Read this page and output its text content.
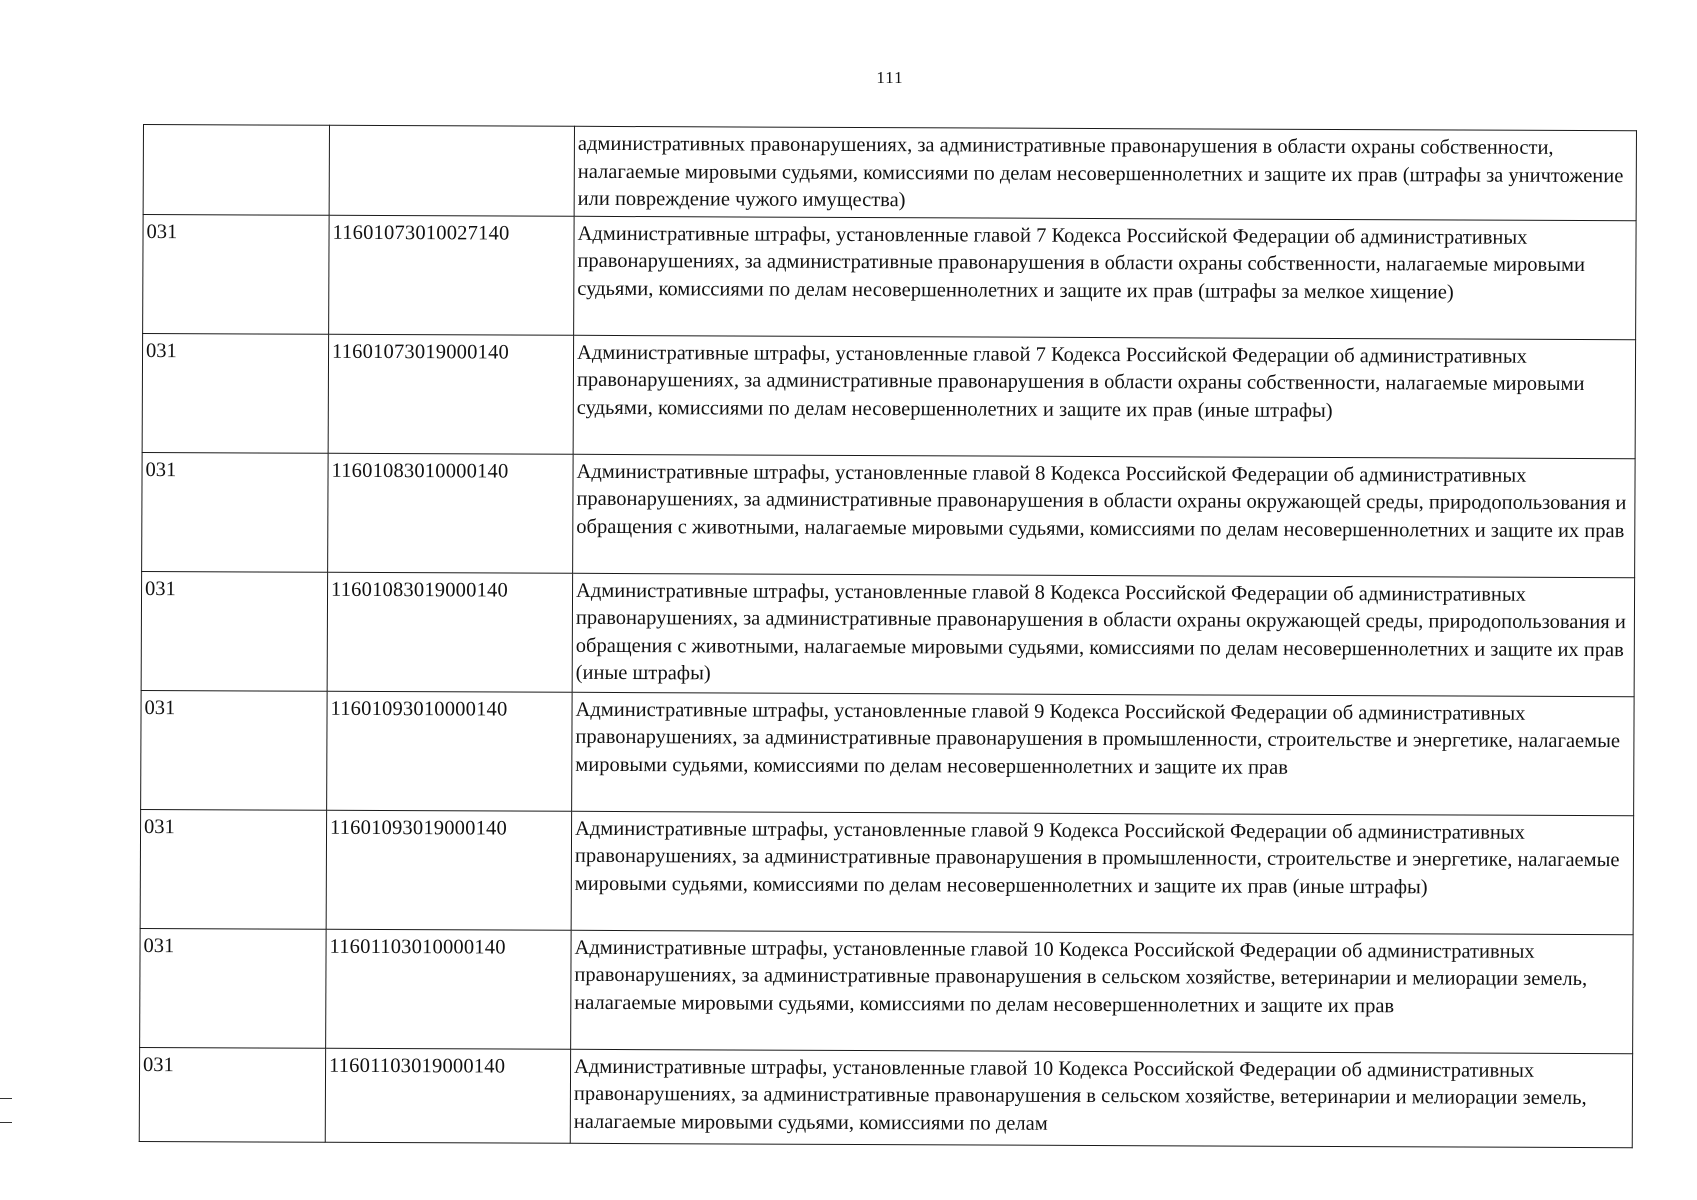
111
		административных правонарушениях, за административные правонарушения в области охраны собственности, налагаемые мировыми судьями, комиссиями по делам несовершеннолетних и защите их прав (штрафы за уничтожение или повреждение чужого имущества)
031	11601073010027140	Административные штрафы, установленные главой 7 Кодекса Российской Федерации об административных правонарушениях, за административные правонарушения в области охраны собственности, налагаемые мировыми судьями, комиссиями по делам несовершеннолетних и защите их прав (штрафы за мелкое хищение)
031	11601073019000140	Административные штрафы, установленные главой 7 Кодекса Российской Федерации об административных правонарушениях, за административные правонарушения в области охраны собственности, налагаемые мировыми судьями, комиссиями по делам несовершеннолетних и защите их прав (иные штрафы)
031	11601083010000140	Административные штрафы, установленные главой 8 Кодекса Российской Федерации об административных правонарушениях, за административные правонарушения в области охраны окружающей среды, природопользования и обращения с животными, налагаемые мировыми судьями, комиссиями по делам несовершеннолетних и защите их прав
031	11601083019000140	Административные штрафы, установленные главой 8 Кодекса Российской Федерации об административных правонарушениях, за административные правонарушения в области охраны окружающей среды, природопользования и обращения с животными, налагаемые мировыми судьями, комиссиями по делам несовершеннолетних и защите их прав (иные штрафы)
031	11601093010000140	Административные штрафы, установленные главой 9 Кодекса Российской Федерации об административных правонарушениях, за административные правонарушения в промышленности, строительстве и энергетике, налагаемые мировыми судьями, комиссиями по делам несовершеннолетних и защите их прав
031	11601093019000140	Административные штрафы, установленные главой 9 Кодекса Российской Федерации об административных правонарушениях, за административные правонарушения в промышленности, строительстве и энергетике, налагаемые мировыми судьями, комиссиями по делам несовершеннолетних и защите их прав (иные штрафы)
031	11601103010000140	Административные штрафы, установленные главой 10 Кодекса Российской Федерации об административных правонарушениях, за административные правонарушения в сельском хозяйстве, ветеринарии и мелиорации земель, налагаемые мировыми судьями, комиссиями по делам несовершеннолетних и защите их прав
031	11601103019000140	Административные штрафы, установленные главой 10 Кодекса Российской Федерации об административных правонарушениях, за административные правонарушения в сельском хозяйстве, ветеринарии и мелиорации земель, налагаемые мировыми судьями, комиссиями по делам
